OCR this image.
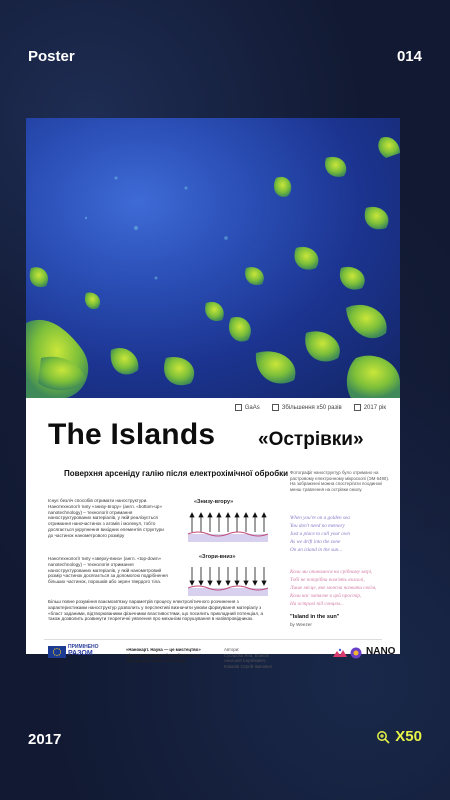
Poster	014
GaAs	Збільшення x50 разів	2017 рік
The Islands «Острівки»
Поверхня арсеніду галію після електрохімічної обробки
Існує безліч способів отримати наноструктури. Нанотехнології типу «знизу-вгору» (англ. «bottom-up» nanotechnology) – технології отримання наноструктурованих матеріалів, у якій реалізується отримання наночастинок з атомів і молекул, тобто досягається укрупнення вихідних елементів структури до частинок нанометрового розміру
Нанотехнології типу «зверху-вниз» (англ. «top-down» nanotechnology) – технологія отримання наноструктурованих матеріалів, у якій нанометровий розмір частинок досягається за допомогою подрібнення більших частинок, порошків або зерен твердого тіла.
Більш повне розуміння взаємозв'язку параметрів процесу електролітичного розчинення з характеристиками наноструктур дозволить у перспективі визначити умови формування матеріалу з «бласт заданими, відтворюваними фізичними властивостями, що посилить прикладний потенціал, а також дозволить розвинути теоретичні уявлення про механізм порушування в напівпровідниках.
«Знизу-вгору»
«Згори-вниз»
Фотографії наноструктур було отримано на растровому електронному мікроскопі (ЭМ 6490). На зображенні можна спостерігати поодинокі менш травлення на острівки смолу.
When you're on a golden sea
You don't need no memory
Just a place to call your own
As we drift into the zone
On an island in the sun...
Коли ми опинимося на срібному морі,
Тобі не потрібна пам'ять взагалі,
Лише місце, яке можна назвати своїм,
Коли нас затягне в цей простір,
На острові під сонцем...
"Island in the sun"
by Weezer
ПРИМІНЕНО
РАЗОМ	«Нанокарт. Наука — це мистецтво» Підтримує Європейський Союз за програмою House of Europe
Автори:
Сусарова Яна, Бойков Анатолій Сергійович, Ковалів Сергій Іванович
NANO
2017	X50
